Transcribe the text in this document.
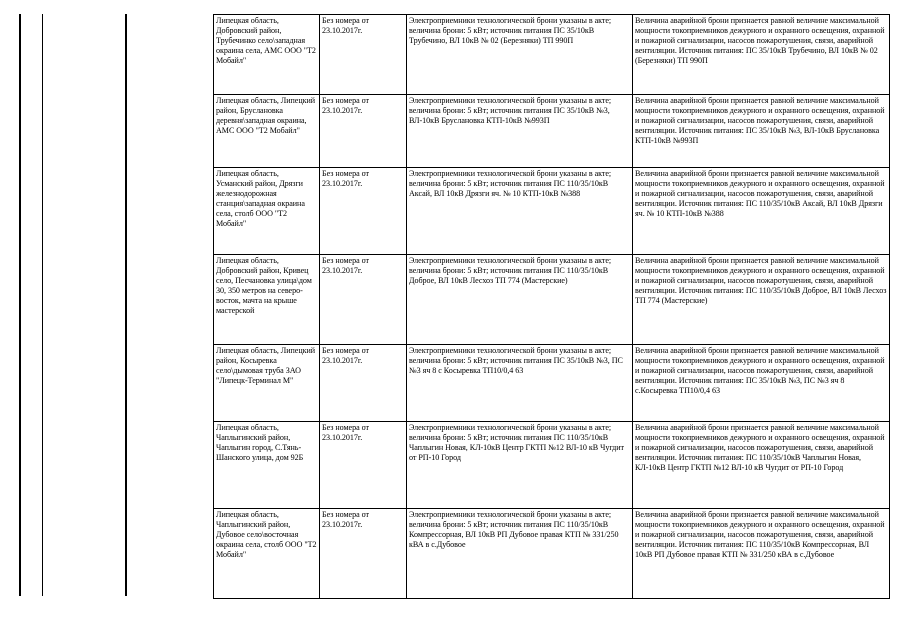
Липецкая область, Добровский район, Трубечинко село\западная окраина села, АМС ООО "Т2 Мобайл"	Без номера от 23.10.2017г.	Электроприемники технологической брони указаны в акте; величина брони: 5 кВт; источник питания ПС 35/10кВ Трубечино, ВЛ 10кВ № 02 (Березняки) ТП 990П	Величина аварийной брони признается равной величине максимальной мощности токоприемников дежурного и охранного освещения, охранной и пожарной сигнализации, насосов пожаротушения, связи, аварийной вентиляции. Источник питания: ПС 35/10кВ Трубечино, ВЛ 10кВ № 02 (Березняки) ТП 990П
Липецкая область, Липецкий район, Бруслановка деревня\западная окраина, АМС ООО "Т2 Мобайл"	Без номера от 23.10.2017г.	Электроприемники технологической брони указаны в акте; величина брони: 5 кВт; источник питания ПС 35/10кВ №3, ВЛ-10кВ Бруслановка КТП-10кВ №993П	Величина аварийной брони признается равной величине максимальной мощности токоприемников дежурного и охранного освещения, охранной и пожарной сигнализации, насосов пожаротушения, связи, аварийной вентиляции. Источник питания: ПС 35/10кВ №3, ВЛ-10кВ Бруслановка КТП-10кВ №993П
Липецкая область, Усманский район, Дрязги железнодорожная станция\западная окраина села, столб ООО "Т2 Мобайл"	Без номера от 23.10.2017г.	Электроприемники технологической брони указаны в акте; величина брони: 5 кВт; источник питания ПС 110/35/10кВ Аксай, ВЛ 10кВ Дрязги яч. № 10 КТП-10кВ №388	Величина аварийной брони признается равной величине максимальной мощности токоприемников дежурного и охранного освещения, охранной и пожарной сигнализации, насосов пожаротушения, связи, аварийной вентиляции. Источник питания: ПС 110/35/10кВ Аксай, ВЛ 10кВ Дрязги яч. № 10 КТП-10кВ №388
Липецкая область, Добровский район, Кривец село, Песчановка улица\дом 30, 350 метров на северо-восток, мачта на крыше мастерской	Без номера от 23.10.2017г.	Электроприемники технологической брони указаны в акте; величина брони: 5 кВт; источник питания ПС 110/35/10кВ Доброе, ВЛ 10кВ Лесхоз ТП 774 (Мастерские)	Величина аварийной брони признается равной величине максимальной мощности токоприемников дежурного и охранного освещения, охранной и пожарной сигнализации, насосов пожаротушения, связи, аварийной вентиляции. Источник питания: ПС 110/35/10кВ Доброе, ВЛ 10кВ Лесхоз ТП 774 (Мастерские)
Липецкая область, Липецкий район, Косыревка село\дымовая труба ЗАО "Липецк-Терминал М"	Без номера от 23.10.2017г.	Электроприемники технологической брони указаны в акте; величина брони: 5 кВт; источник питания ПС 35/10кВ №3, ПС №3 яч 8 с Косыревка ТП10/0,4 63	Величина аварийной брони признается равной величине максимальной мощности токоприемников дежурного и охранного освещения, охранной и пожарной сигнализации, насосов пожаротушения, связи, аварийной вентиляции. Источник питания: ПС 35/10кВ №3, ПС №3 яч 8 с.Косыревка ТП10/0,4 63
Липецкая область, Чаплыгинский район, Чаплыгин город, С.Тянь-Шанского улица, дом 92Б	Без номера от 23.10.2017г.	Электроприемники технологической брони указаны в акте; величина брони: 5 кВт; источник питания ПС 110/35/10кВ Чаплыгин Новая, КЛ-10кВ Центр ГКТП №12 ВЛ-10 кВ Чугдит от РП-10 Город	Величина аварийной брони признается равной величине максимальной мощности токоприемников дежурного и охранного освещения, охранной и пожарной сигнализации, насосов пожаротушения, связи, аварийной вентиляции. Источник питания: ПС 110/35/10кВ Чаплыгин Новая, КЛ-10кВ Центр ГКТП №12 ВЛ-10 кВ Чугдит от РП-10 Город
Липецкая область, Чаплыгинский район, Дубовое село\восточная окраина села, столб ООО "Т2 Мобайл"	Без номера от 23.10.2017г.	Электроприемники технологической брони указаны в акте; величина брони: 5 кВт; источник питания ПС 110/35/10кВ Компрессорная, ВЛ 10кВ РП Дубовое правая КТП № 331/250 кВА в с.Дубовое	Величина аварийной брони признается равной величине максимальной мощности токоприемников дежурного и охранного освещения, охранной и пожарной сигнализации, насосов пожаротушения, связи, аварийной вентиляции. Источник питания: ПС 110/35/10кВ Компрессорная, ВЛ 10кВ РП Дубовое правая КТП № 331/250 кВА в с.Дубовое
